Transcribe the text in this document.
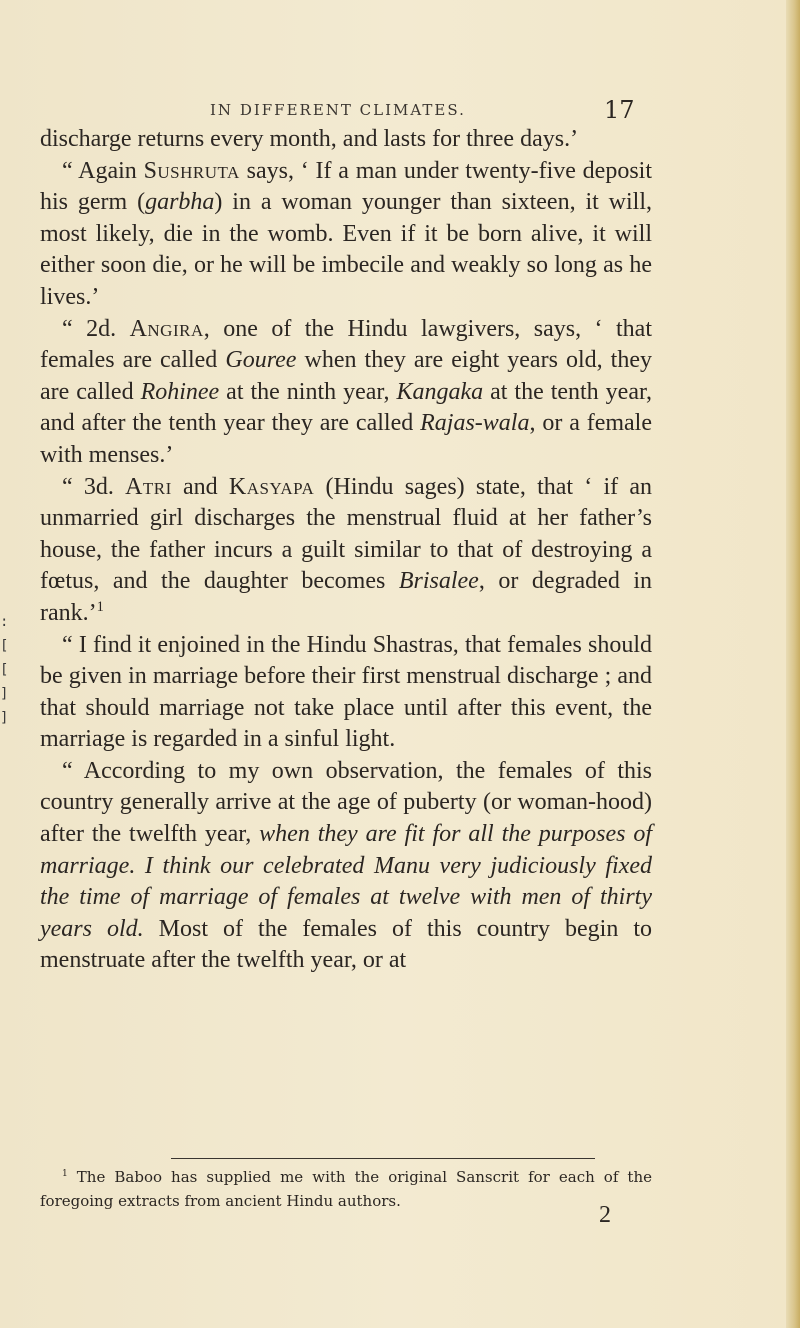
:
[
[
]
]
IN DIFFERENT CLIMATES.	17

discharge returns every month, and lasts for three days.’

“ Again Sushruta says, ‘ If a man under twenty-five deposit his germ (garbha) in a woman younger than sixteen, it will, most likely, die in the womb. Even if it be born alive, it will either soon die, or he will be imbecile and weakly so long as he lives.’

“ 2d. Angira, one of the Hindu lawgivers, says, ‘ that females are called Gouree when they are eight years old, they are called Rohinee at the ninth year, Kangaka at the tenth year, and after the tenth year they are called Rajas-wala, or a female with menses.’

“ 3d. Atri and Kasyapa (Hindu sages) state, that ‘ if an unmarried girl discharges the menstrual fluid at her father’s house, the father incurs a guilt similar to that of destroying a fœtus, and the daughter becomes Brisalee, or degraded in rank.’$^1$

“ I find it enjoined in the Hindu Shastras, that females should be given in marriage before their first menstrual discharge ; and that should marriage not take place until after this event, the marriage is regarded in a sinful light.

“ According to my own observation, the females of this country generally arrive at the age of puberty (or woman-hood) after the twelfth year, when they are fit for all the purposes of marriage. I think our celebrated Manu very judiciously fixed the time of marriage of females at twelve with men of thirty years old. Most of the females of this country begin to menstruate after the twelfth year, or at

$^1$ The Baboo has supplied me with the original Sanscrit for each of the foregoing extracts from ancient Hindu authors.

2
